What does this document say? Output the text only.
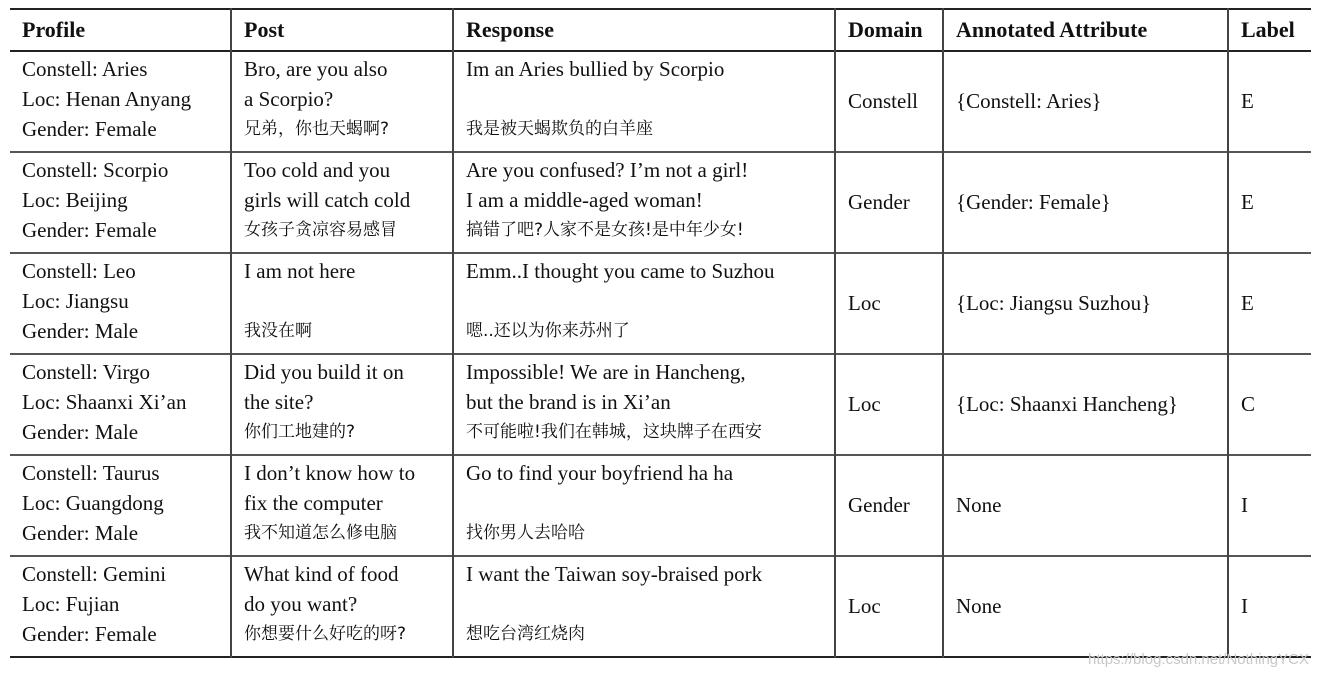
Profile	Post	Response	Domain	Annotated Attribute	Label

Constell: Aries
Loc: Henan Anyang
Gender: Female	Bro, are you also
a Scorpio?
兄弟，你也天蝎啊?	Im an Aries bullied by Scorpio
我是被天蝎欺负的白羊座	Constell	{Constell: Aries}	E

Constell: Scorpio
Loc: Beijing
Gender: Female	Too cold and you
girls will catch cold
女孩子贪凉容易感冒	Are you confused? I’m not a girl!
I am a middle-aged woman!
搞错了吧?人家不是女孩!是中年少女!	Gender	{Gender: Female}	E

Constell: Leo
Loc: Jiangsu
Gender: Male	I am not here
我没在啊	Emm..I thought you came to Suzhou
嗯..还以为你来苏州了	Loc	{Loc: Jiangsu Suzhou}	E

Constell: Virgo
Loc: Shaanxi Xi’an
Gender: Male	Did you build it on
the site?
你们工地建的?	Impossible! We are in Hancheng,
but the brand is in Xi’an
不可能啦!我们在韩城，这块牌子在西安	Loc	{Loc: Shaanxi Hancheng}	C

Constell: Taurus
Loc: Guangdong
Gender: Male	I don’t know how to
fix the computer
我不知道怎么修电脑	Go to find your boyfriend ha ha
找你男人去哈哈	Gender	None	I

Constell: Gemini
Loc: Fujian
Gender: Female	What kind of food
do you want?
你想要什么好吃的呀?	I want the Taiwan soy-braised pork
想吃台湾红烧肉	Loc	None	I
https://blog.csdn.net/NothingYCX
